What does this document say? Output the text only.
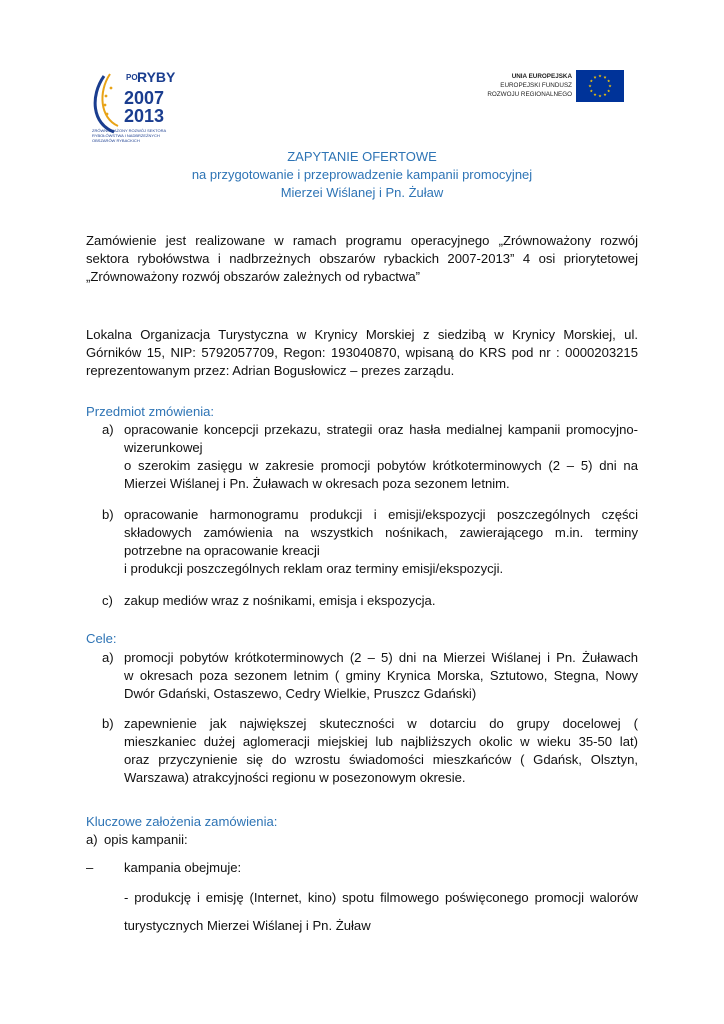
PO RYBY
2007
2013
ZRÓWNOWAŻONY ROZWÓJ SEKTORA RYBOŁÓWSTWA I NADBRZEŻNYCH OBSZARÓW RYBACKICH
UNIA EUROPEJSKA
EUROPEJSKI FUNDUSZ
ROZWOJU REGIONALNEGO
ZAPYTANIE OFERTOWE
na przygotowanie i przeprowadzenie kampanii promocyjnej
Mierzei Wiślanej i Pn. Żuław
Zamówienie jest realizowane w ramach programu operacyjnego „Zrównoważony rozwój
sektora rybołówstwa i nadbrzeżnych obszarów rybackich 2007-2013” 4 osi priorytetowej
„Zrównoważony rozwój obszarów zależnych od rybactwa”
Lokalna Organizacja Turystyczna w Krynicy Morskiej z siedzibą w Krynicy Morskiej, ul.
Górników 15, NIP: 5792057709, Regon: 193040870, wpisaną do KRS pod nr : 0000203215
reprezentowanym przez: Adrian Bogusłowicz – prezes zarządu.
Przedmiot zmówienia:
a) opracowanie koncepcji przekazu, strategii oraz hasła medialnej kampanii promocyjno-
wizerunkowej
o szerokim zasięgu w zakresie promocji pobytów krótkoterminowych (2 – 5) dni na
Mierzei Wiślanej i Pn. Żuławach w okresach poza sezonem letnim.
b) opracowanie harmonogramu produkcji i emisji/ekspozycji poszczególnych części
składowych zamówienia na wszystkich nośnikach, zawierającego m.in. terminy
potrzebne na opracowanie kreacji
i produkcji poszczególnych reklam oraz terminy emisji/ekspozycji.
c) zakup mediów wraz z nośnikami, emisja i ekspozycja.
Cele:
a) promocji pobytów krótkoterminowych (2 – 5) dni na Mierzei Wiślanej i Pn. Żuławach
w okresach poza sezonem letnim ( gminy Krynica Morska, Sztutowo, Stegna, Nowy
Dwór Gdański, Ostaszewo, Cedry Wielkie, Pruszcz Gdański)
b) zapewnienie jak największej skuteczności w dotarciu do grupy docelowej (
mieszkaniec dużej aglomeracji miejskiej lub najbliższych okolic w wieku 35-50 lat)
oraz przyczynienie się do wzrostu świadomości mieszkańców ( Gdańsk, Olsztyn,
Warszawa) atrakcyjności regionu w posezonowym okresie.
Kluczowe założenia zamówienia:
a) opis kampanii:
– kampania obejmuje:
- produkcję i emisję (Internet, kino) spotu filmowego poświęconego promocji walorów
turystycznych Mierzei Wiślanej i Pn. Żuław
